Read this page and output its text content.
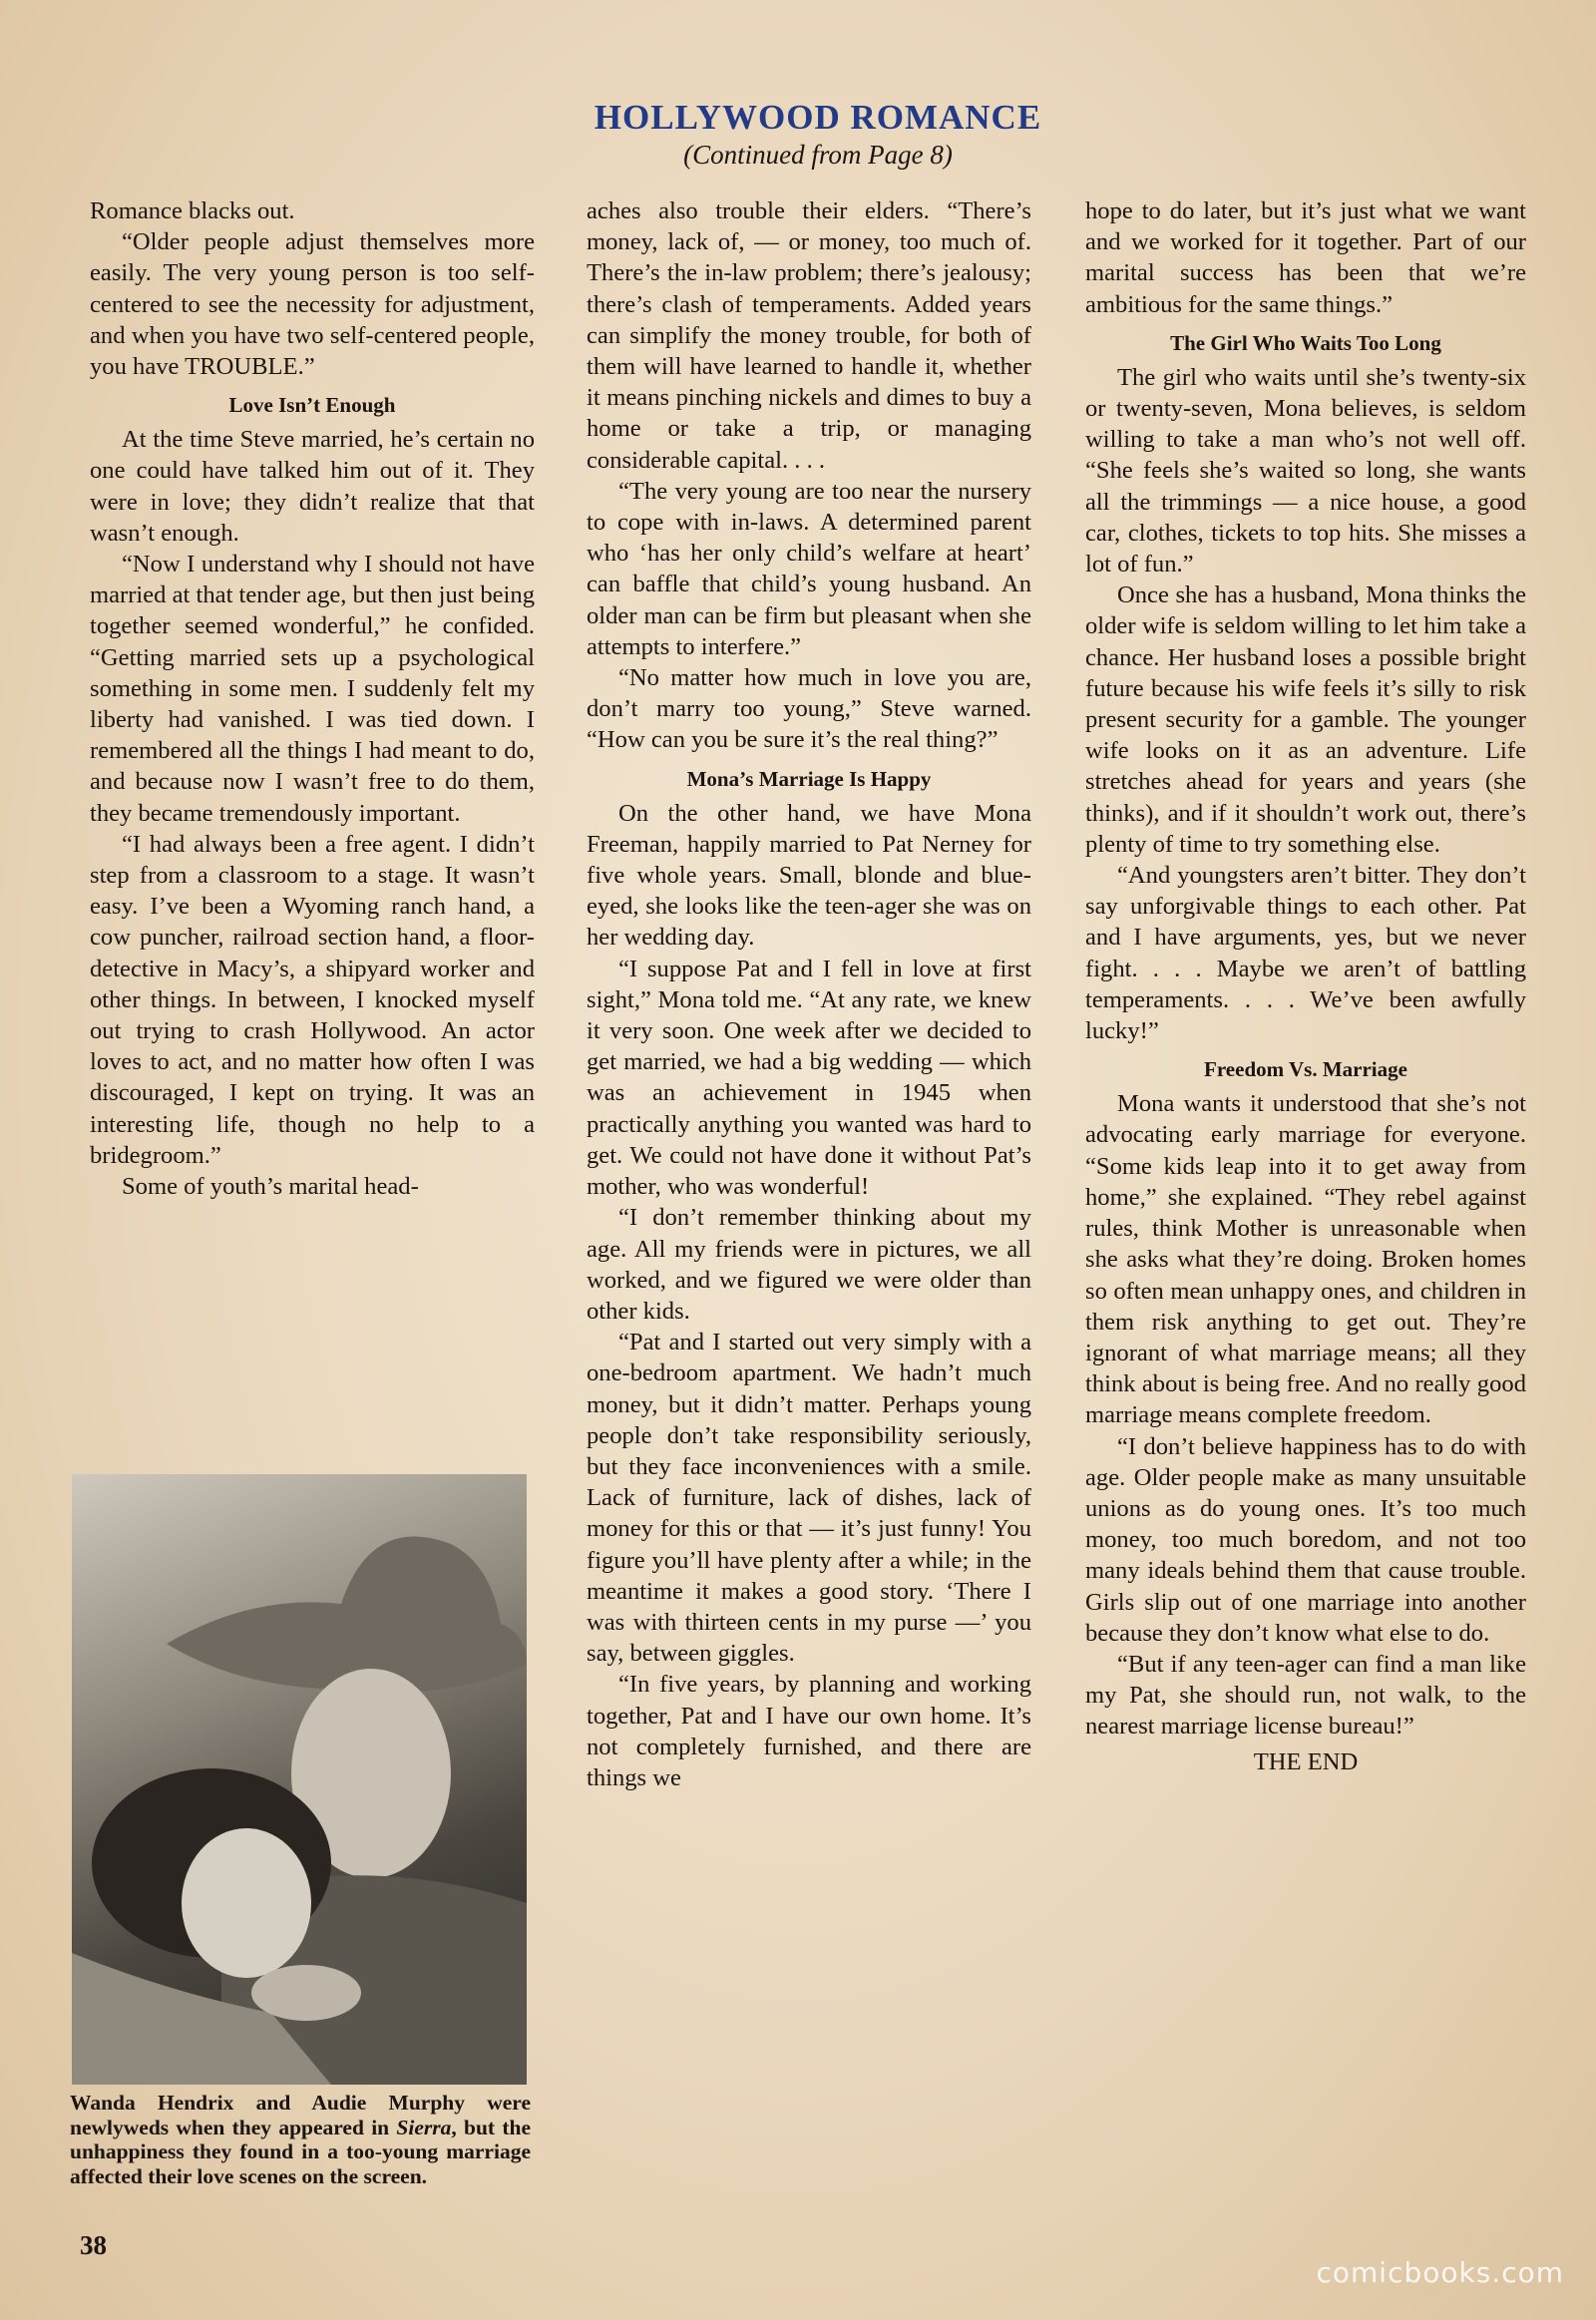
HOLLYWOOD ROMANCE
(Continued from Page 8)

Romance blacks out.

“Older people adjust themselves more easily. The very young person is too self-centered to see the necessity for adjustment, and when you have two self-centered people, you have TROUBLE.”

Love Isn’t Enough

At the time Steve married, he’s certain no one could have talked him out of it. They were in love; they didn’t realize that that wasn’t enough.

“Now I understand why I should not have married at that tender age, but then just being together seemed wonderful,” he confided. “Getting married sets up a psychological something in some men. I suddenly felt my liberty had vanished. I was tied down. I remembered all the things I had meant to do, and because now I wasn’t free to do them, they became tremendously important.

“I had always been a free agent. I didn’t step from a classroom to a stage. It wasn’t easy. I’ve been a Wyoming ranch hand, a cow puncher, railroad section hand, a floor-detective in Macy’s, a shipyard worker and other things. In between, I knocked myself out trying to crash Hollywood. An actor loves to act, and no matter how often I was discouraged, I kept on trying. It was an interesting life, though no help to a bridegroom.”

Some of youth’s marital head-

Wanda Hendrix and Audie Murphy were newlyweds when they appeared in Sierra, but the unhappiness they found in a too-young marriage affected their love scenes on the screen.

aches also trouble their elders. “There’s money, lack of, — or money, too much of. There’s the in-law problem; there’s jealousy; there’s clash of temperaments. Added years can simplify the money trouble, for both of them will have learned to handle it, whether it means pinching nickels and dimes to buy a home or take a trip, or managing considerable capital. . . .

“The very young are too near the nursery to cope with in-laws. A determined parent who ‘has her only child’s welfare at heart’ can baffle that child’s young husband. An older man can be firm but pleasant when she attempts to interfere.”

“No matter how much in love you are, don’t marry too young,” Steve warned. “How can you be sure it’s the real thing?”

Mona’s Marriage Is Happy

On the other hand, we have Mona Freeman, happily married to Pat Nerney for five whole years. Small, blonde and blue-eyed, she looks like the teen-ager she was on her wedding day.

“I suppose Pat and I fell in love at first sight,” Mona told me. “At any rate, we knew it very soon. One week after we decided to get married, we had a big wedding — which was an achievement in 1945 when practically anything you wanted was hard to get. We could not have done it without Pat’s mother, who was wonderful!

“I don’t remember thinking about my age. All my friends were in pictures, we all worked, and we figured we were older than other kids.

“Pat and I started out very simply with a one-bedroom apartment. We hadn’t much money, but it didn’t matter. Perhaps young people don’t take responsibility seriously, but they face inconveniences with a smile. Lack of furniture, lack of dishes, lack of money for this or that — it’s just funny! You figure you’ll have plenty after a while; in the meantime it makes a good story. ‘There I was with thirteen cents in my purse —’ you say, between giggles.

“In five years, by planning and working together, Pat and I have our own home. It’s not completely furnished, and there are things we

hope to do later, but it’s just what we want and we worked for it together. Part of our marital success has been that we’re ambitious for the same things.”

The Girl Who Waits Too Long

The girl who waits until she’s twenty-six or twenty-seven, Mona believes, is seldom willing to take a man who’s not well off. “She feels she’s waited so long, she wants all the trimmings — a nice house, a good car, clothes, tickets to top hits. She misses a lot of fun.”

Once she has a husband, Mona thinks the older wife is seldom willing to let him take a chance. Her husband loses a possible bright future because his wife feels it’s silly to risk present security for a gamble. The younger wife looks on it as an adventure. Life stretches ahead for years and years (she thinks), and if it shouldn’t work out, there’s plenty of time to try something else.

“And youngsters aren’t bitter. They don’t say unforgivable things to each other. Pat and I have arguments, yes, but we never fight. . . . Maybe we aren’t of battling temperaments. . . . We’ve been awfully lucky!”

Freedom Vs. Marriage

Mona wants it understood that she’s not advocating early marriage for everyone. “Some kids leap into it to get away from home,” she explained. “They rebel against rules, think Mother is unreasonable when she asks what they’re doing. Broken homes so often mean unhappy ones, and children in them risk anything to get out. They’re ignorant of what marriage means; all they think about is being free. And no really good marriage means complete freedom.

“I don’t believe happiness has to do with age. Older people make as many unsuitable unions as do young ones. It’s too much money, too much boredom, and not too many ideals behind them that cause trouble. Girls slip out of one marriage into another because they don’t know what else to do.

“But if any teen-ager can find a man like my Pat, she should run, not walk, to the nearest marriage license bureau!”

THE END

38
comicbooks.com
